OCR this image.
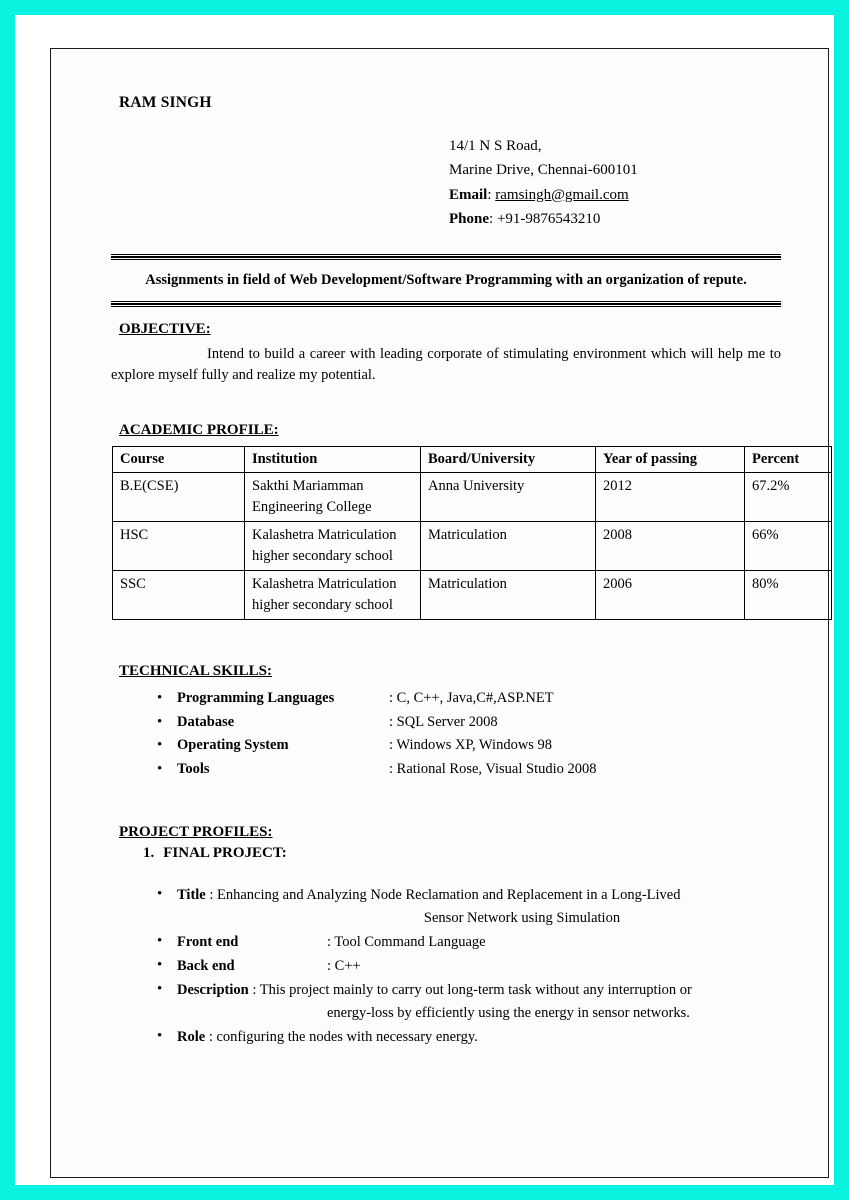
RAM SINGH
14/1 N S Road,
Marine Drive, Chennai-600101
Email: ramsingh@gmail.com
Phone: +91-9876543210
Assignments in field of Web Development/Software Programming with an organization of repute.
OBJECTIVE:

Intend to build a career with leading corporate of stimulating environment which will help me to explore myself fully and realize my potential.

ACADEMIC PROFILE:
Course	Institution	Board/University	Year of passing	Percent
B.E(CSE)	Sakthi Mariamman Engineering College	Anna University	2012	67.2%
HSC	Kalashetra Matriculation higher secondary school	Matriculation	2008	66%
SSC	Kalashetra Matriculation higher secondary school	Matriculation	2006	80%
TECHNICAL SKILLS:
• Programming Languages	: C, C++, Java,C#,ASP.NET
• Database	: SQL Server 2008
• Operating System	: Windows XP, Windows 98
• Tools	: Rational Rose, Visual Studio 2008
PROJECT PROFILES:
1. FINAL PROJECT:
• Title : Enhancing and Analyzing Node Reclamation and Replacement in a Long-Lived
Sensor Network using Simulation
• Front end	: Tool Command Language
• Back end	: C++
• Description : This project mainly to carry out long-term task without any interruption or
energy-loss by efficiently using the energy in sensor networks.
• Role : configuring the nodes with necessary energy.
